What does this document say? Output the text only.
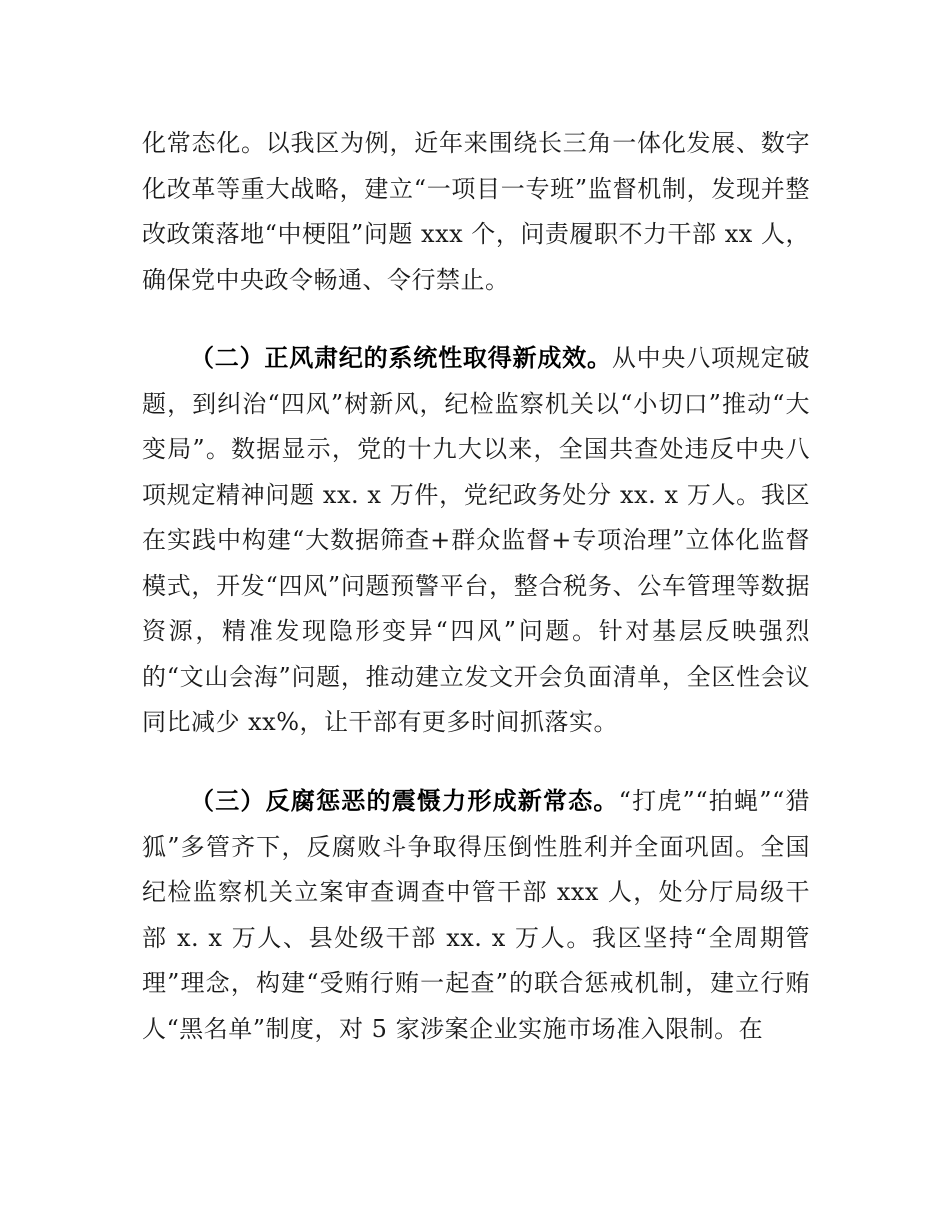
化常态化。以我区为例，近年来围绕长三角一体化发展、数字化改革等重大战略，建立“一项目一专班”监督机制，发现并整改政策落地“中梗阻”问题 xxx 个，问责履职不力干部 xx 人，确保党中央政令畅通、令行禁止。

（二）正风肃纪的系统性取得新成效。从中央八项规定破题，到纠治“四风”树新风，纪检监察机关以“小切口”推动“大变局”。数据显示，党的十九大以来，全国共查处违反中央八项规定精神问题 xx. x 万件，党纪政务处分 xx. x 万人。我区在实践中构建“大数据筛查+群众监督+专项治理”立体化监督模式，开发“四风”问题预警平台，整合税务、公车管理等数据资源，精准发现隐形变异“四风”问题。针对基层反映强烈的“文山会海”问题，推动建立发文开会负面清单，全区性会议同比减少 xx%，让干部有更多时间抓落实。

（三）反腐惩恶的震慑力形成新常态。“打虎”“拍蝇”“猎狐”多管齐下，反腐败斗争取得压倒性胜利并全面巩固。全国纪检监察机关立案审查调查中管干部 xxx 人，处分厅局级干部 x. x 万人、县处级干部 xx. x 万人。我区坚持“全周期管理”理念，构建“受贿行贿一起查”的联合惩戒机制，建立行贿人“黑名单”制度，对 5 家涉案企业实施市场准入限制。在
